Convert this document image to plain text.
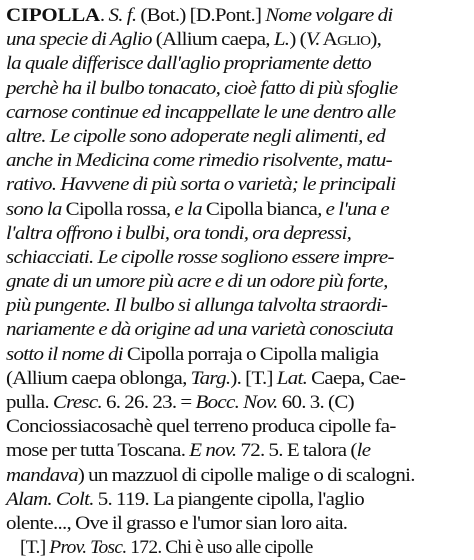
CIPOLLA. S. f. (Bot.) [D.Pont.] Nome volgare di
una specie di Aglio (Allium caepa, L.) (V. Aglio),
la quale differisce dall'aglio propriamente detto
perchè ha il bulbo tonacato, cioè fatto di più sfoglie
carnose continue ed incappellate le une dentro alle
altre. Le cipolle sono adoperate negli alimenti, ed
anche in Medicina come rimedio risolvente, matu-
rativo. Havvene di più sorta o varietà; le principali
sono la Cipolla rossa, e la Cipolla bianca, e l'una e
l'altra offrono i bulbi, ora tondi, ora depressi,
schiacciati. Le cipolle rosse sogliono essere impre-
gnate di un umore più acre e di un odore più forte,
più pungente. Il bulbo si allunga talvolta straordi-
nariamente e dà origine ad una varietà conosciuta
sotto il nome di Cipolla porraja o Cipolla maligia
(Allium caepa oblonga, Targ.). [T.] Lat. Caepa, Cae-
pulla. Cresc. 6. 26. 23. = Bocc. Nov. 60. 3. (C)
Conciossiacosachè quel terreno produca cipolle fa-
mose per tutta Toscana. E nov. 72. 5. E talora (le
mandava) un mazzuol di cipolle malige o di scalogni.
Alam. Colt. 5. 119. La piangente cipolla, l'aglio
olente..., Ove il grasso e l'umor sian loro aita.
[T.] Prov. Tosc. 172. Chi è uso alle cipolle
